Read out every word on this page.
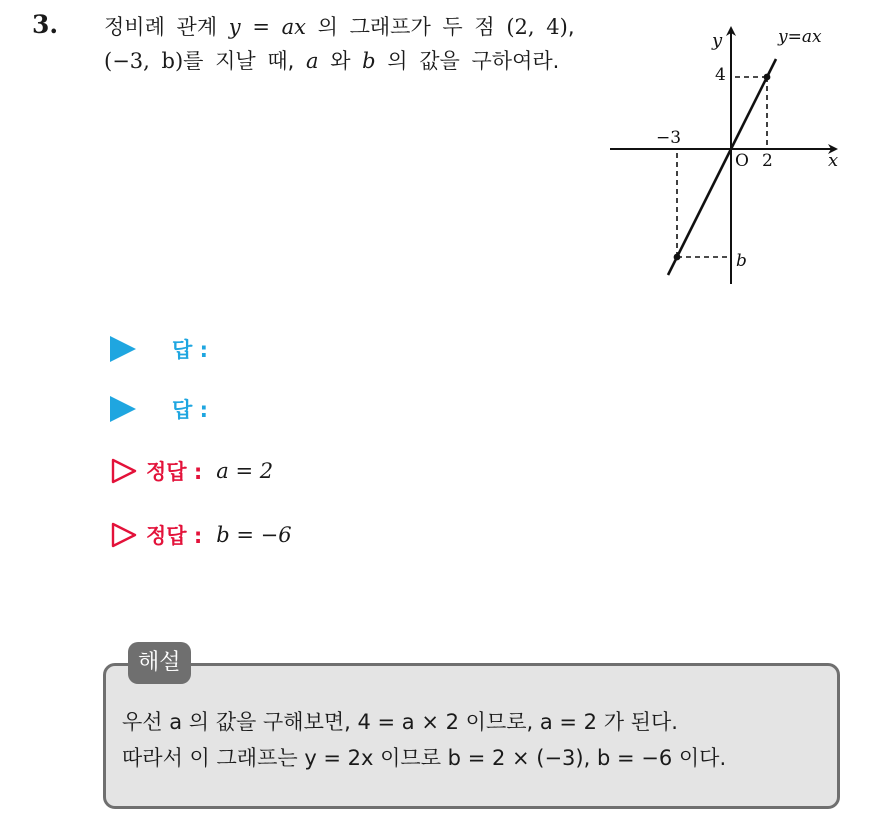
3. 정비례 관계 y = ax 의 그래프가 두 점 (2, 4), (−3, b)를 지날 때, a 와 b 의 값을 구하여라.
y
x
y=ax
O 2
−3
4
b
답 :
답 :
정답 : a = 2
정답 : b = −6
해설
우선 a 의 값을 구해보면, 4 = a × 2 이므로, a = 2 가 된다.
따라서 이 그래프는 y = 2x 이므로 b = 2 × (−3), b = −6 이다.
